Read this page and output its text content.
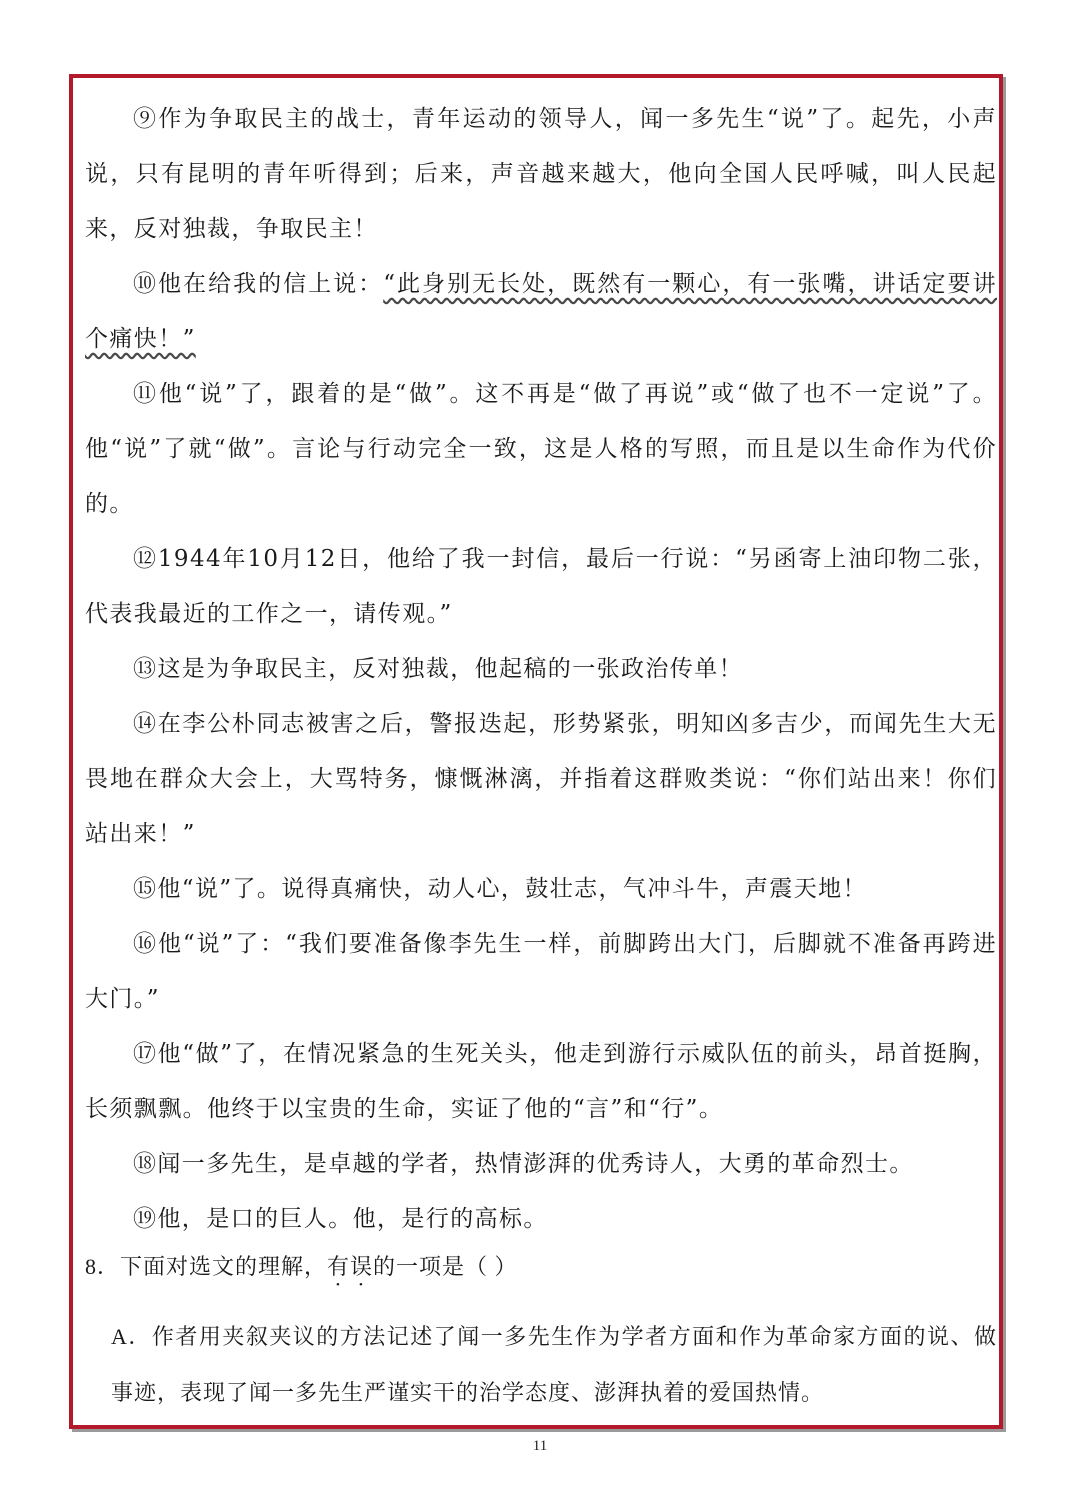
⑨作为争取民主的战士，青年运动的领导人，闻一多先生“说”了。起先，小声说，只有昆明的青年听得到；后来，声音越来越大，他向全国人民呼喊，叫人民起来，反对独裁，争取民主！

⑩他在给我的信上说：“此身别无长处，既然有一颗心，有一张嘴，讲话定要讲个痛快！”

⑪他“说”了，跟着的是“做”。这不再是“做了再说”或“做了也不一定说”了。他“说”了就“做”。言论与行动完全一致，这是人格的写照，而且是以生命作为代价的。

⑫1944年10月12日，他给了我一封信，最后一行说：“另函寄上油印物二张，代表我最近的工作之一，请传观。”

⑬这是为争取民主，反对独裁，他起稿的一张政治传单！

⑭在李公朴同志被害之后，警报迭起，形势紧张，明知凶多吉少，而闻先生大无畏地在群众大会上，大骂特务，慷慨淋漓，并指着这群败类说：“你们站出来！你们站出来！”

⑮他“说”了。说得真痛快，动人心，鼓壮志，气冲斗牛，声震天地！

⑯他“说”了：“我们要准备像李先生一样，前脚跨出大门，后脚就不准备再跨进大门。”

⑰他“做”了，在情况紧急的生死关头，他走到游行示威队伍的前头，昂首挺胸，长须飘飘。他终于以宝贵的生命，实证了他的“言”和“行”。

⑱闻一多先生，是卓越的学者，热情澎湃的优秀诗人，大勇的革命烈士。

⑲他，是口的巨人。他，是行的高标。

8．下面对选文的理解，有误的一项是（ ）

A．作者用夹叙夹议的方法记述了闻一多先生作为学者方面和作为革命家方面的说、做事迹，表现了闻一多先生严谨实干的治学态度、澎湃执着的爱国热情。

11
